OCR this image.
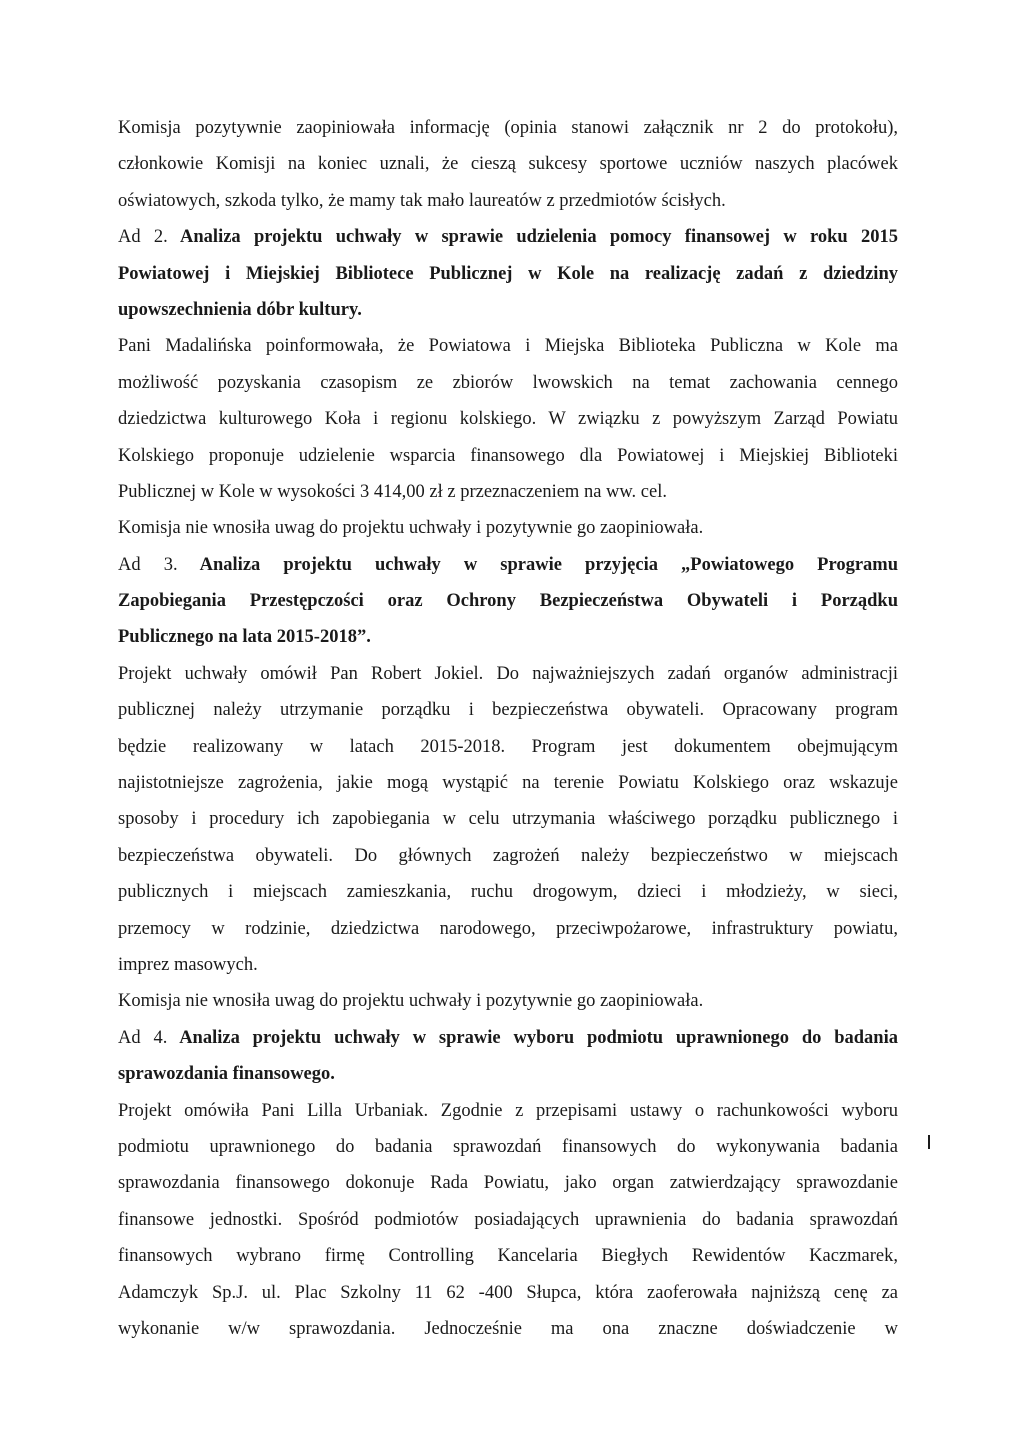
Komisja pozytywnie zaopiniowała informację (opinia stanowi załącznik nr 2 do protokołu),

członkowie Komisji na koniec uznali, że cieszą sukcesy sportowe uczniów naszych placówek

oświatowych, szkoda tylko, że mamy tak mało laureatów z przedmiotów ścisłych.

Ad 2. Analiza projektu uchwały w sprawie udzielenia pomocy finansowej w roku 2015

Powiatowej i Miejskiej Bibliotece Publicznej w Kole na realizację zadań z dziedziny

upowszechnienia dóbr kultury.

Pani Madalińska poinformowała, że Powiatowa i Miejska Biblioteka Publiczna w Kole ma

możliwość pozyskania czasopism ze zbiorów lwowskich na temat zachowania cennego

dziedzictwa kulturowego Koła i regionu kolskiego. W związku z powyższym Zarząd Powiatu

Kolskiego proponuje udzielenie wsparcia finansowego dla Powiatowej i Miejskiej Biblioteki

Publicznej w Kole w wysokości 3 414,00 zł z przeznaczeniem na ww. cel.

Komisja nie wnosiła uwag do projektu uchwały i pozytywnie go zaopiniowała.

Ad 3. Analiza projektu uchwały w sprawie przyjęcia „Powiatowego Programu

Zapobiegania Przestępczości oraz Ochrony Bezpieczeństwa Obywateli i Porządku

Publicznego na lata 2015-2018”.

Projekt uchwały omówił Pan Robert Jokiel. Do najważniejszych zadań organów administracji

publicznej należy utrzymanie porządku i bezpieczeństwa obywateli. Opracowany program

będzie realizowany w latach 2015-2018. Program jest dokumentem obejmującym

najistotniejsze zagrożenia, jakie mogą wystąpić na terenie Powiatu Kolskiego oraz wskazuje

sposoby i procedury ich zapobiegania w celu utrzymania właściwego porządku publicznego i

bezpieczeństwa obywateli. Do głównych zagrożeń należy bezpieczeństwo w miejscach

publicznych i miejscach zamieszkania, ruchu drogowym, dzieci i młodzieży, w sieci,

przemocy w rodzinie, dziedzictwa narodowego, przeciwpożarowe, infrastruktury powiatu,

imprez masowych.

Komisja nie wnosiła uwag do projektu uchwały i pozytywnie go zaopiniowała.

Ad 4. Analiza projektu uchwały w sprawie wyboru podmiotu uprawnionego do badania

sprawozdania finansowego.

Projekt omówiła Pani Lilla Urbaniak. Zgodnie z przepisami ustawy o rachunkowości wyboru

podmiotu uprawnionego do badania sprawozdań finansowych do wykonywania badania

sprawozdania finansowego dokonuje Rada Powiatu, jako organ zatwierdzający sprawozdanie

finansowe jednostki. Spośród podmiotów posiadających uprawnienia do badania sprawozdań

finansowych wybrano firmę Controlling Kancelaria Biegłych Rewidentów Kaczmarek,

Adamczyk Sp.J. ul. Plac Szkolny 11 62 -400 Słupca, która zaoferowała najniższą cenę za

wykonanie w/w sprawozdania. Jednocześnie ma ona znaczne doświadczenie w
